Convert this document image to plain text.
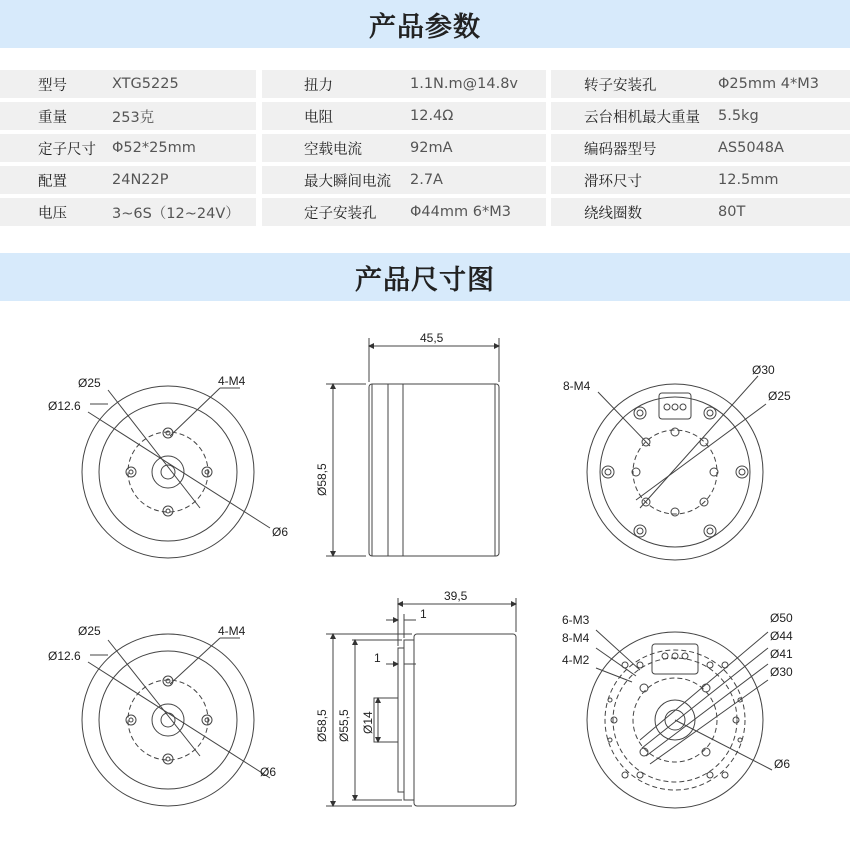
产品参数
型号	XTG5225	扭力	1.1N.m@14.8v	转子安装孔	Φ25mm 4*M3
重量	253克	电阻	12.4Ω	云台相机最大重量 5.5kg
定子尺寸 Φ52*25mm	空载电流	92mA	编码器型号	AS5048A
配置	24N22P	最大瞬间电流 2.7A	滑环尺寸	12.5mm
电压	3~6S（12~24V）	定子安装孔 Φ44mm 6*M3	绕线圈数	80T
产品尺寸图
Ø25
Ø12.6
4-M4
Ø6
45,5
Ø58,5
8-M4
Ø30
Ø25
Ø25
Ø12.6
4-M4
Ø6
39,5
1
1
Ø58,5 Ø55,5 Ø14
6-M3
8-M4
4-M2
Ø50
Ø44
Ø41
Ø30
Ø6
